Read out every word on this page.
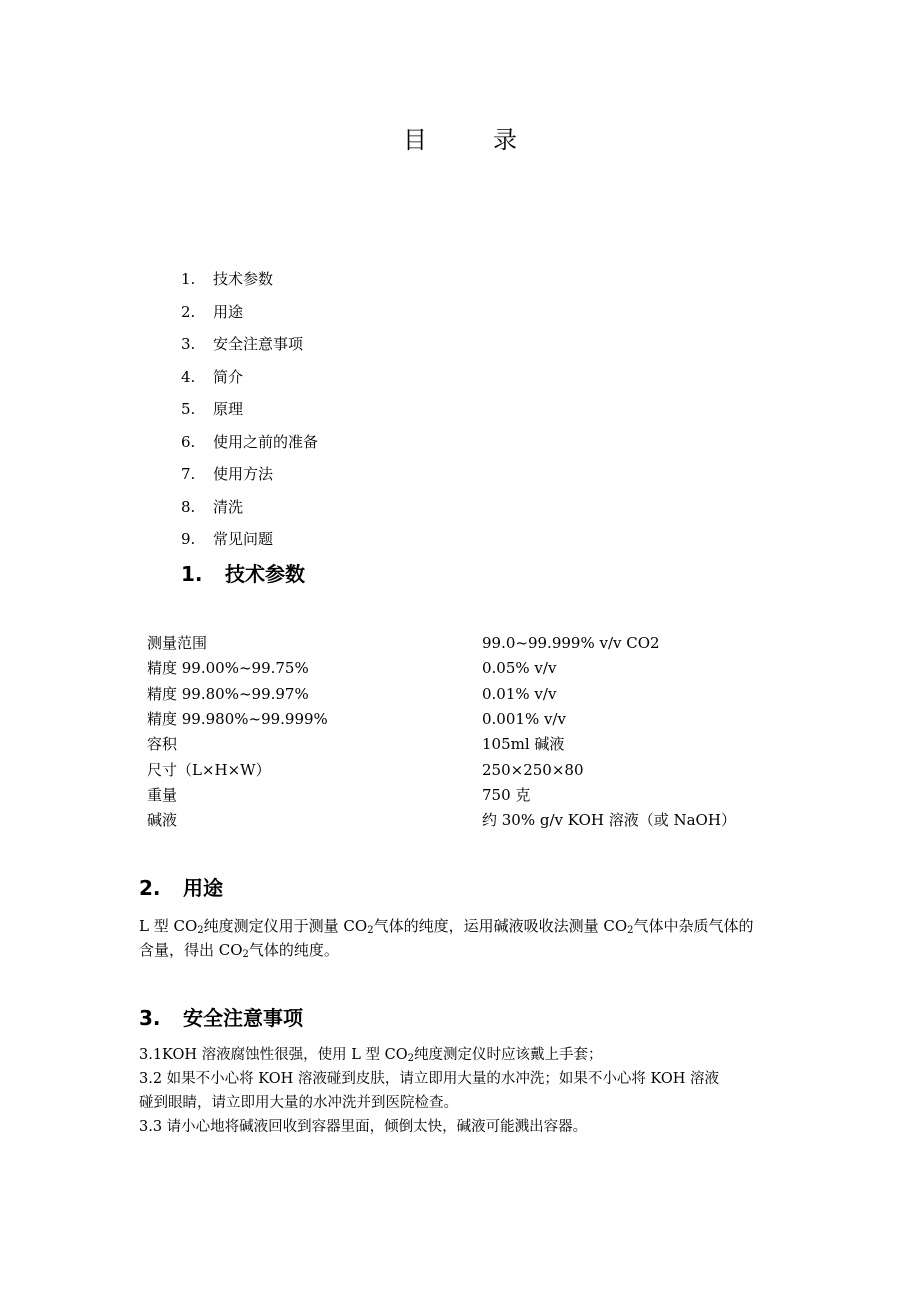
目	录
1.	技术参数
2.	用途
3.	安全注意事项
4.	简介
5.	原理
6.	使用之前的准备
7.	使用方法
8.	清洗
9.	常见问题
1.	技术参数
测量范围	99.0~99.999% v/v CO2
精度 99.00%~99.75%	0.05% v/v
精度 99.80%~99.97%	0.01% v/v
精度 99.980%~99.999%	0.001% v/v
容积	105ml 碱液
尺寸（L×H×W）	250×250×80
重量	750 克
碱液	约 30% g/v KOH 溶液（或 NaOH）
2.	用途

L 型 $CO_2$纯度测定仪用于测量 $CO_2$气体的纯度，运用碱液吸收法测量 $CO_2$气体中杂质气体的
含量，得出 $CO_2$气体的纯度。

3.	安全注意事项

3.1KOH 溶液腐蚀性很强，使用 L 型 $CO_2$纯度测定仪时应该戴上手套；
3.2 如果不小心将 KOH 溶液碰到皮肤，请立即用大量的水冲洗；如果不小心将 KOH 溶液
碰到眼睛，请立即用大量的水冲洗并到医院检查。
3.3 请小心地将碱液回收到容器里面，倾倒太快，碱液可能溅出容器。
